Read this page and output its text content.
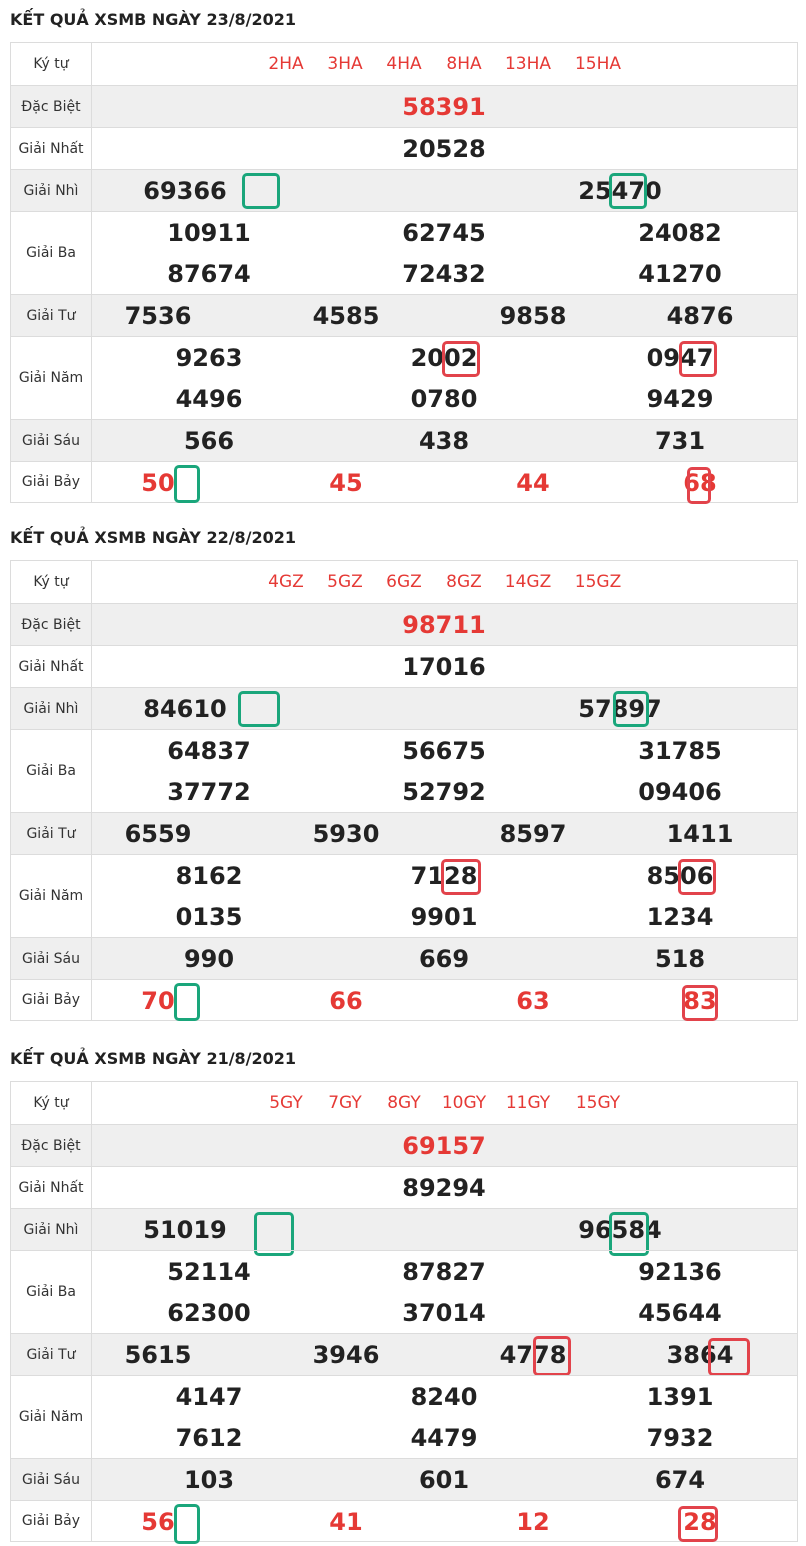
KẾT QUẢ XSMB NGÀY 23/8/2021
Ký tự	2HA 3HA 4HA 8HA 13HA 15HA
Đặc Biệt	58391
Giải Nhất	20528
Giải Nhì	69366	25470
Giải Ba
10911	62745	24082
87674	72432	41270
Giải Tư	7536	4585	9858	4876
Giải Năm
9263	2002	0947
4496	0780	9429
Giải Sáu	566	438	731
Giải Bảy	50	45	44	68
KẾT QUẢ XSMB NGÀY 22/8/2021
Ký tự	4GZ 5GZ 6GZ 8GZ 14GZ 15GZ
Đặc Biệt	98711
Giải Nhất	17016
Giải Nhì	84610	57897
Giải Ba
64837	56675	31785
37772	52792	09406
Giải Tư	6559	5930	8597	1411
Giải Năm
8162	7128	8506
0135	9901	1234
Giải Sáu	990	669	518
Giải Bảy	70	66	63	83
KẾT QUẢ XSMB NGÀY 21/8/2021
Ký tự	5GY 7GY 8GY 10GY 11GY 15GY
Đặc Biệt	69157
Giải Nhất	89294
Giải Nhì	51019	96584
Giải Ba
52114	87827	92136
62300	37014	45644
Giải Tư	5615	3946	4778	3864
Giải Năm
4147	8240	1391
7612	4479	7932
Giải Sáu	103	601	674
Giải Bảy	56	41	12	28
